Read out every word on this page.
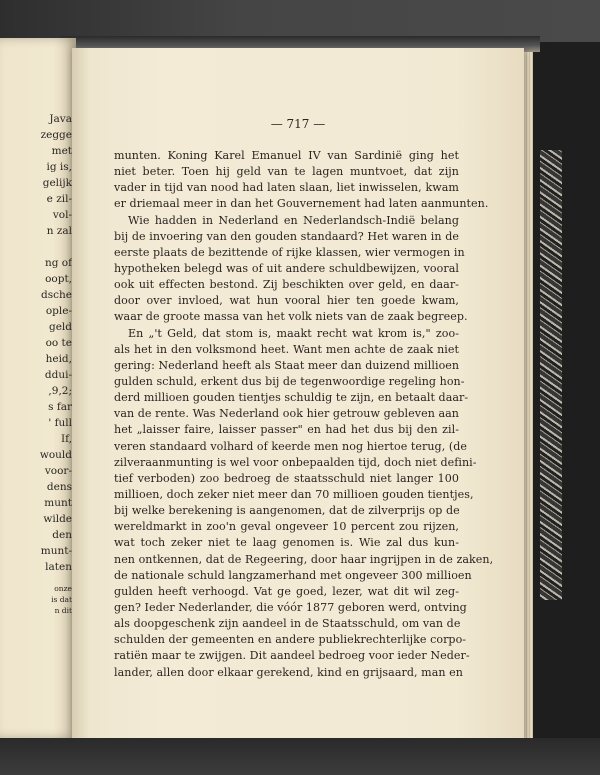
Java
zegge
met
ig is,
gelijk
e zil-
vol-
n zal
ng of
oopt,
dsche
ople-
geld
oo te
heid,
ddui-
,9,2;
s far
' full
If,
would
voor-
dens
munt
wilde
den
munt-
laten
onze
is dat
n dit
— 717 —
munten. Koning Karel Emanuel IV van Sardinië ging het
niet beter. Toen hij geld van te lagen muntvoet, dat zijn
vader in tijd van nood had laten slaan, liet inwisselen, kwam
er driemaal meer in dan het Gouvernement had laten aanmunten.
Wie hadden in Nederland en Nederlandsch-Indië belang
bij de invoering van den gouden standaard? Het waren in de
eerste plaats de bezittende of rijke klassen, wier vermogen in
hypotheken belegd was of uit andere schuldbewijzen, vooral
ook uit effecten bestond. Zij beschikten over geld, en daar-
door over invloed, wat hun vooral hier ten goede kwam,
waar de groote massa van het volk niets van de zaak begreep.
En „'t Geld, dat stom is, maakt recht wat krom is," zoo-
als het in den volksmond heet. Want men achte de zaak niet
gering: Nederland heeft als Staat meer dan duizend millioen
gulden schuld, erkent dus bij de tegenwoordige regeling hon-
derd millioen gouden tientjes schuldig te zijn, en betaalt daar-
van de rente. Was Nederland ook hier getrouw gebleven aan
het „laisser faire, laisser passer" en had het dus bij den zil-
veren standaard volhard of keerde men nog hiertoe terug, (de
zilveraanmunting is wel voor onbepaalden tijd, doch niet defini-
tief verboden) zoo bedroeg de staatsschuld niet langer 100
millioen, doch zeker niet meer dan 70 millioen gouden tientjes,
bij welke berekening is aangenomen, dat de zilverprijs op de
wereldmarkt in zoo'n geval ongeveer 10 percent zou rijzen,
wat toch zeker niet te laag genomen is. Wie zal dus kun-
nen ontkennen, dat de Regeering, door haar ingrijpen in de zaken,
de nationale schuld langzamerhand met ongeveer 300 millioen
gulden heeft verhoogd. Vat ge goed, lezer, wat dit wil zeg-
gen? Ieder Nederlander, die vóór 1877 geboren werd, ontving
als doopgeschenk zijn aandeel in de Staatsschuld, om van de
schulden der gemeenten en andere publiekrechterlijke corpo-
ratiën maar te zwijgen. Dit aandeel bedroeg voor ieder Neder-
lander, allen door elkaar gerekend, kind en grijsaard, man en
